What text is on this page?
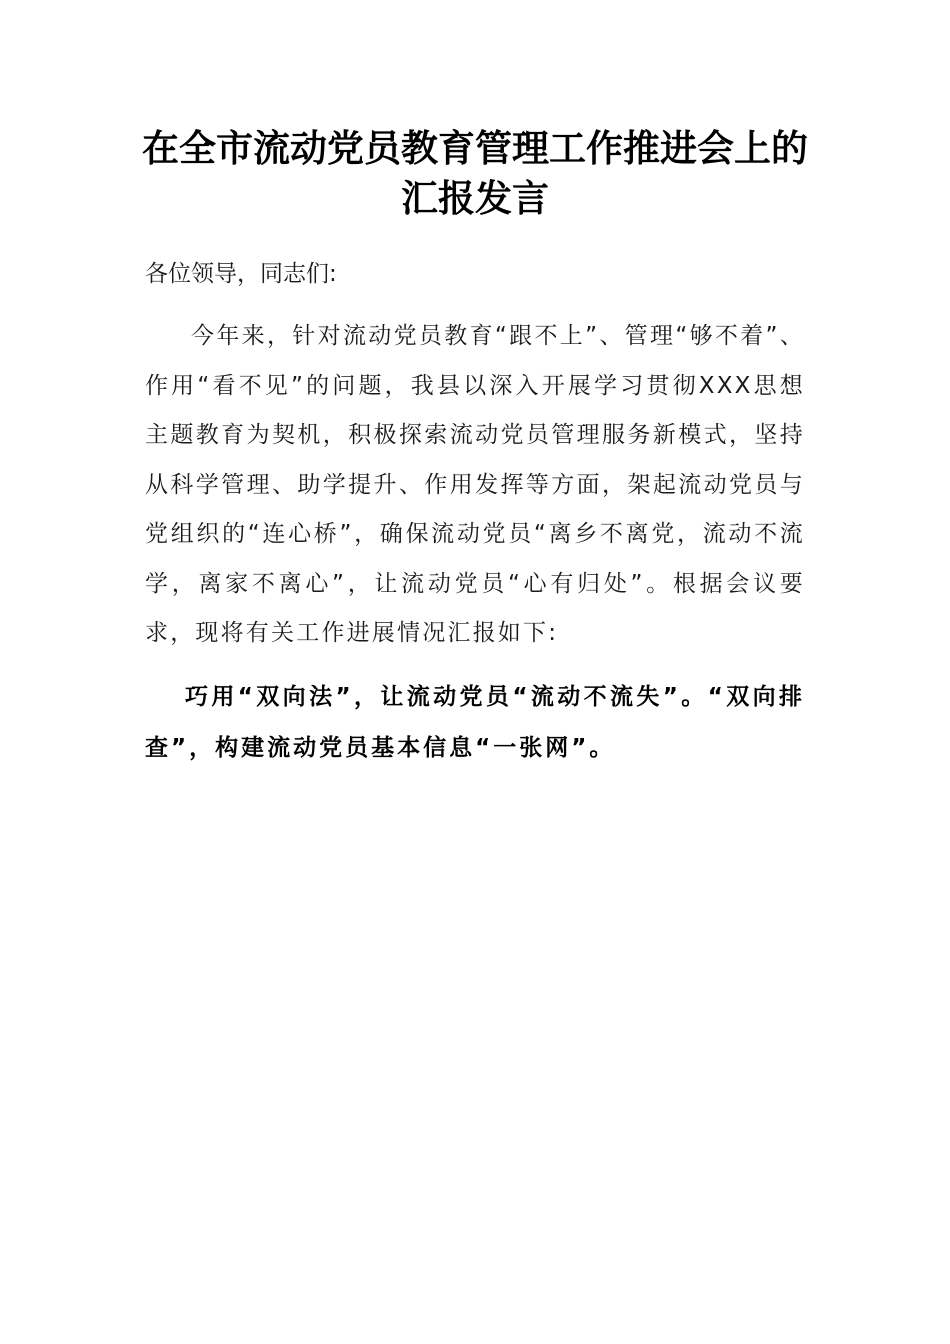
在全市流动党员教育管理工作推进会上的
汇报发言

各位领导，同志们:

今年来，针对流动党员教育“跟不上”、管理“够不着”、作用“看不见”的问题，我县以深入开展学习贯彻XXX思想主题教育为契机，积极探索流动党员管理服务新模式，坚持从科学管理、助学提升、作用发挥等方面，架起流动党员与党组织的“连心桥”，确保流动党员“离乡不离党，流动不流学，离家不离心”，让流动党员“心有归处”。根据会议要求，现将有关工作进展情况汇报如下:

巧用“双向法”，让流动党员“流动不流失”。“双向排查”，构建流动党员基本信息“一张网”。
